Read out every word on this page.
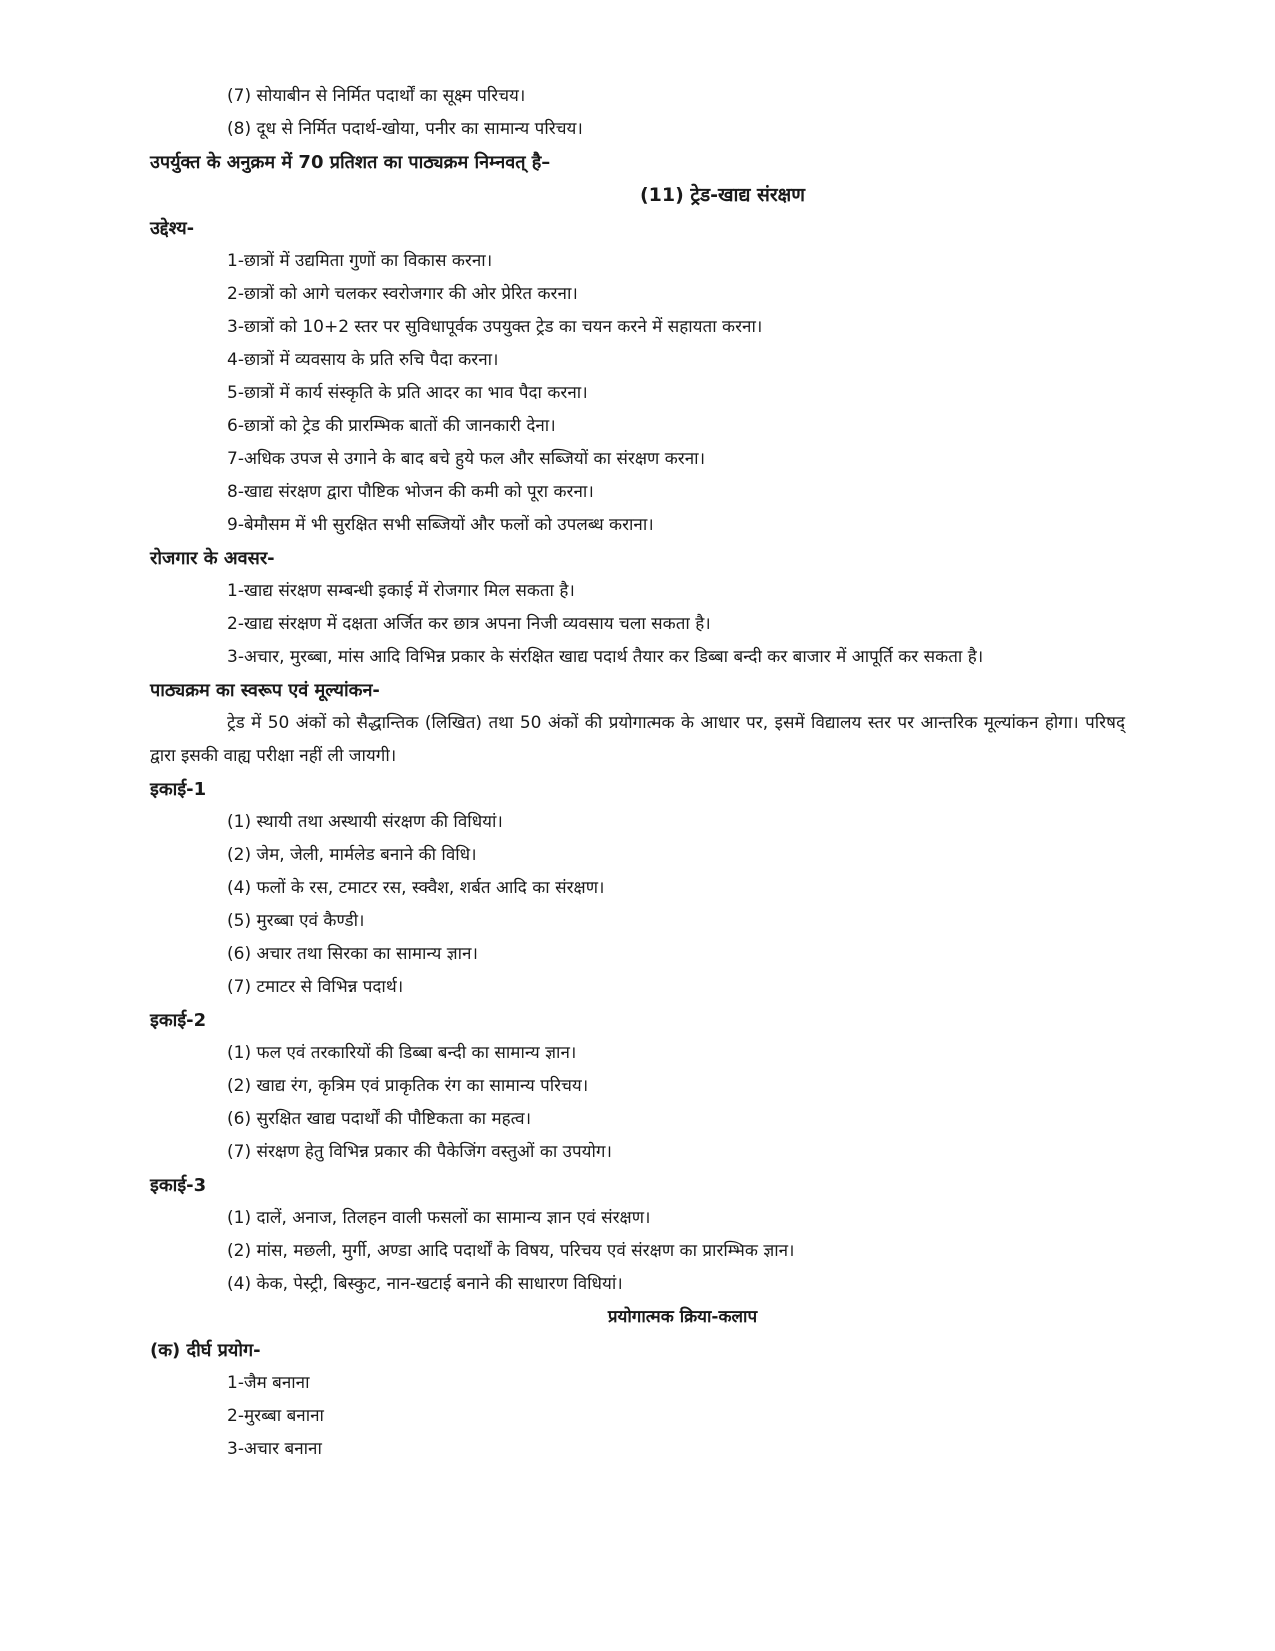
(7) सोयाबीन से निर्मित पदार्थों का सूक्ष्म परिचय।
(8) दूध से निर्मित पदार्थ-खोया, पनीर का सामान्य परिचय।
उपर्युक्त के अनुक्रम में 70 प्रतिशत का पाठ्यक्रम निम्नवत् है–
(11) ट्रेड-खाद्य संरक्षण
उद्देश्य-
1-छात्रों में उद्यमिता गुणों का विकास करना।
2-छात्रों को आगे चलकर स्वरोजगार की ओर प्रेरित करना।
3-छात्रों को 10+2 स्तर पर सुविधापूर्वक उपयुक्त ट्रेड का चयन करने में सहायता करना।
4-छात्रों में व्यवसाय के प्रति रुचि पैदा करना।
5-छात्रों में कार्य संस्कृति के प्रति आदर का भाव पैदा करना।
6-छात्रों को ट्रेड की प्रारम्भिक बातों की जानकारी देना।
7-अधिक उपज से उगाने के बाद बचे हुये फल और सब्जियों का संरक्षण करना।
8-खाद्य संरक्षण द्वारा पौष्टिक भोजन की कमी को पूरा करना।
9-बेमौसम में भी सुरक्षित सभी सब्जियों और फलों को उपलब्ध कराना।
रोजगार के अवसर-
1-खाद्य संरक्षण सम्बन्धी इकाई में रोजगार मिल सकता है।
2-खाद्य संरक्षण में दक्षता अर्जित कर छात्र अपना निजी व्यवसाय चला सकता है।
3-अचार, मुरब्बा, मांस आदि विभिन्न प्रकार के संरक्षित खाद्य पदार्थ तैयार कर डिब्बा बन्दी कर बाजार में आपूर्ति कर सकता है।
पाठ्यक्रम का स्वरूप एवं मूल्यांकन-
ट्रेड में 50 अंकों को सैद्धान्तिक (लिखित) तथा 50 अंकों की प्रयोगात्मक के आधार पर, इसमें विद्यालय स्तर पर आन्तरिक मूल्यांकन होगा। परिषद् द्वारा इसकी वाह्य परीक्षा नहीं ली जायगी।
इकाई-1
(1) स्थायी तथा अस्थायी संरक्षण की विधियां।
(2) जेम, जेली, मार्मलेड बनाने की विधि।
(4) फलों के रस, टमाटर रस, स्क्वैश, शर्बत आदि का संरक्षण।
(5) मुरब्बा एवं कैण्डी।
(6) अचार तथा सिरका का सामान्य ज्ञान।
(7) टमाटर से विभिन्न पदार्थ।
इकाई-2
(1) फल एवं तरकारियों की डिब्बा बन्दी का सामान्य ज्ञान।
(2) खाद्य रंग, कृत्रिम एवं प्राकृतिक रंग का सामान्य परिचय।
(6) सुरक्षित खाद्य पदार्थों की पौष्टिकता का महत्व।
(7) संरक्षण हेतु विभिन्न प्रकार की पैकेजिंग वस्तुओं का उपयोग।
इकाई-3
(1) दालें, अनाज, तिलहन वाली फसलों का सामान्य ज्ञान एवं संरक्षण।
(2) मांस, मछली, मुर्गी, अण्डा आदि पदार्थों के विषय, परिचय एवं संरक्षण का प्रारम्भिक ज्ञान।
(4) केक, पेस्ट्री, बिस्कुट, नान-खटाई बनाने की साधारण विधियां।
प्रयोगात्मक क्रिया-कलाप
(क) दीर्घ प्रयोग-
1-जैम बनाना
2-मुरब्बा बनाना
3-अचार बनाना
